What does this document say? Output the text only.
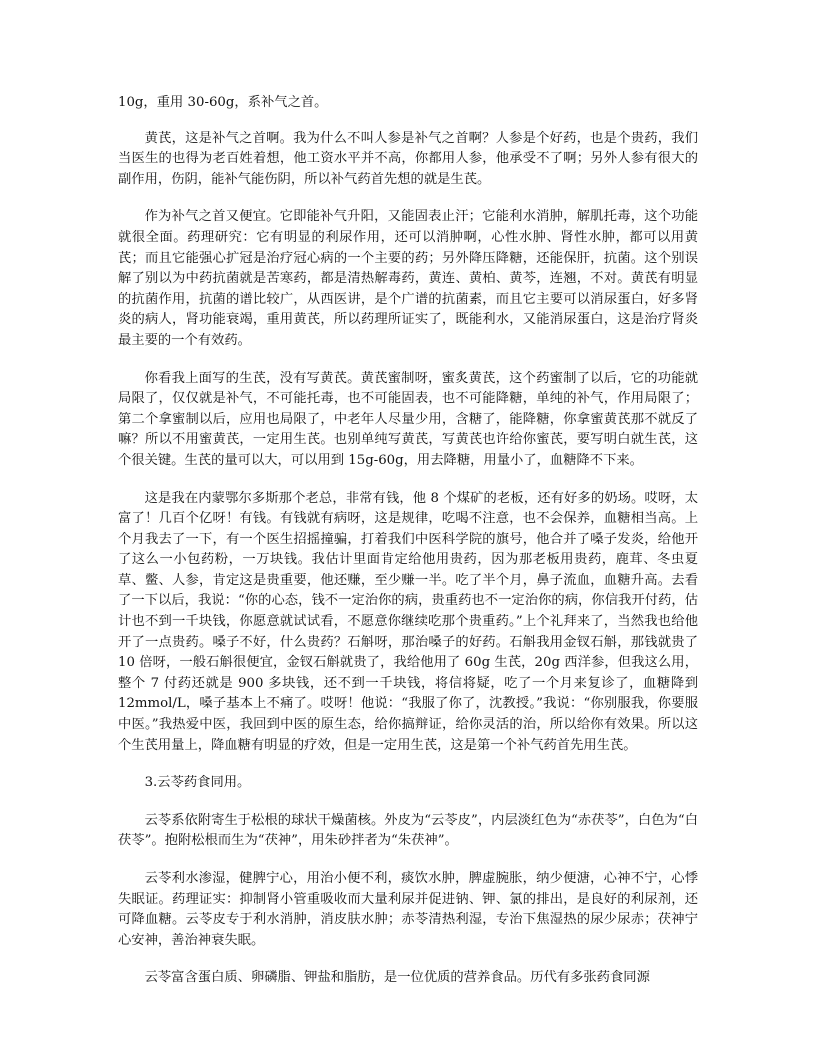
10g，重用 30-60g，系补气之首。

黄芪，这是补气之首啊。我为什么不叫人参是补气之首啊？人参是个好药，也是个贵药，我们当医生的也得为老百姓着想，他工资水平并不高，你都用人参，他承受不了啊；另外人参有很大的副作用，伤阴，能补气能伤阴，所以补气药首先想的就是生芪。

作为补气之首又便宜。它即能补气升阳，又能固表止汗；它能利水消肿，解肌托毒，这个功能就很全面。药理研究：它有明显的利尿作用，还可以消肿啊，心性水肿、肾性水肿，都可以用黄芪；而且它能强心扩冠是治疗冠心病的一个主要的药；另外降压降糖，还能保肝，抗菌。这个别误解了别以为中药抗菌就是苦寒药，都是清热解毒药，黄连、黄柏、黄芩，连翘，不对。黄芪有明显的抗菌作用，抗菌的谱比较广，从西医讲，是个广谱的抗菌素，而且它主要可以消尿蛋白，好多肾炎的病人，肾功能衰竭，重用黄芪，所以药理所证实了，既能利水，又能消尿蛋白，这是治疗肾炎最主要的一个有效药。

你看我上面写的生芪，没有写黄芪。黄芪蜜制呀，蜜炙黄芪，这个药蜜制了以后，它的功能就局限了，仅仅就是补气，不可能托毒，也不可能固表，也不可能降糖，单纯的补气，作用局限了；第二个拿蜜制以后，应用也局限了，中老年人尽量少用，含糖了，能降糖，你拿蜜黄芪那不就反了嘛？所以不用蜜黄芪，一定用生芪。也别单纯写黄芪，写黄芪也许给你蜜芪，要写明白就生芪，这个很关键。生芪的量可以大，可以用到 15g-60g，用去降糖，用量小了，血糖降不下来。

这是我在内蒙鄂尔多斯那个老总，非常有钱，他 8 个煤矿的老板，还有好多的奶场。哎呀，太富了！几百个亿呀！有钱。有钱就有病呀，这是规律，吃喝不注意，也不会保养，血糖相当高。上个月我去了一下，有一个医生招摇撞骗，打着我们中医科学院的旗号，他合并了嗓子发炎，给他开了这么一小包药粉，一万块钱。我估计里面肯定给他用贵药，因为那老板用贵药，鹿茸、冬虫夏草、鳖、人参，肯定这是贵重要，他还赚，至少赚一半。吃了半个月，鼻子流血，血糖升高。去看了一下以后，我说：“你的心态，钱不一定治你的病，贵重药也不一定治你的病，你信我开付药，估计也不到一千块钱，你愿意就试试看，不愿意你继续吃那个贵重药。”上个礼拜来了，当然我也给他开了一点贵药。嗓子不好，什么贵药？石斛呀，那治嗓子的好药。石斛我用金钗石斛，那钱就贵了 10 倍呀，一般石斛很便宜，金钗石斛就贵了，我给他用了 60g 生芪，20g 西洋参，但我这么用，整个 7 付药还就是 900 多块钱，还不到一千块钱，将信将疑，吃了一个月来复诊了，血糖降到 12mmol/L，嗓子基本上不痛了。哎呀！他说：“我服了你了，沈教授。”我说：“你别服我，你要服中医。”我热爱中医，我回到中医的原生态，给你搞辩证，给你灵活的治，所以给你有效果。所以这个生芪用量上，降血糖有明显的疗效，但是一定用生芪，这是第一个补气药首先用生芪。

3.云苓药食同用。

云苓系依附寄生于松根的球状干燥菌核。外皮为“云苓皮”，内层淡红色为“赤茯苓”，白色为“白茯苓”。抱附松根而生为“茯神”，用朱砂拌者为“朱茯神”。

云苓利水渗湿，健脾宁心，用治小便不利，痰饮水肿，脾虚腕胀，纳少便溏，心神不宁，心悸失眠证。药理证实：抑制肾小管重吸收而大量利尿并促进钠、钾、氯的排出，是良好的利尿剂，还可降血糖。云苓皮专于利水消肿，消皮肤水肿；赤苓清热利湿，专治下焦湿热的尿少尿赤；茯神宁心安神，善治神衰失眠。

云苓富含蛋白质、卵磷脂、钾盐和脂肪，是一位优质的营养食品。历代有多张药食同源
